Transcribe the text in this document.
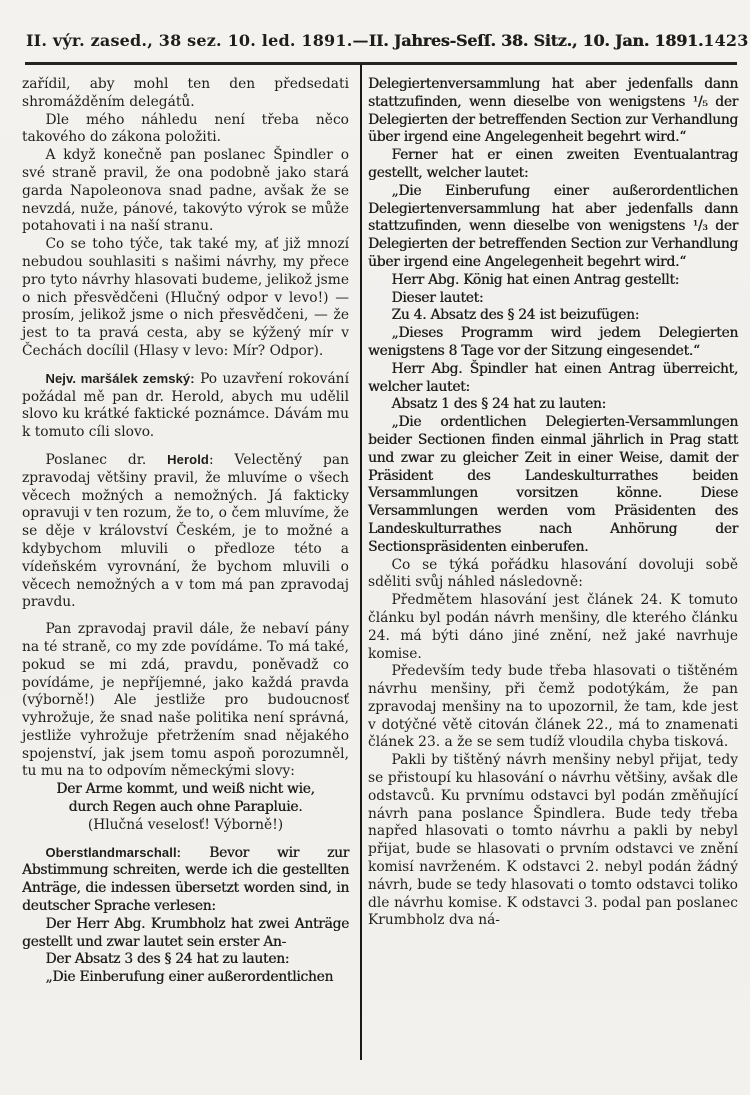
II. výr. zased., 38 sez. 10. led. 1891. — II. Jahres-Seſſ. 38. Sitz., 10. Jan. 1891. 1423

zařídil, aby mohl ten den předsedati shromážděním delegátů.

Dle mého náhledu není třeba něco takového do zákona položiti.

A když konečně pan poslanec Špindler o své straně pravil, že ona podobně jako stará garda Napoleonova snad padne, avšak že se nevzdá, nuže, pánové, takovýto výrok se může potahovati i na naší stranu.

Co se toho týče, tak také my, ať již mnozí nebudou souhlasiti s našimi návrhy, my přece pro tyto návrhy hlasovati budeme, jelikož jsme o nich přesvědčeni (Hlučný odpor v levo!) — prosím, jelikož jsme o nich přesvědčeni, — že jest to ta pravá cesta, aby se kýžený mír v Čechách docílil (Hlasy v levo: Mír? Odpor).

Nejv. maršálek zemský: Po uzavření rokování požádal mě pan dr. Herold, abych mu udělil slovo ku krátké faktické poznámce. Dávám mu k tomuto cíli slovo.

Poslanec dr. Herold: Velectěný pan zpravodaj většiny pravil, že mluvíme o všech věcech možných a nemožných. Já fakticky opravuji v ten rozum, že to, o čem mluvíme, že se děje v království Českém, je to možné a kdybychom mluvili o předloze této a vídeňském vyrovnání, že bychom mluvili o věcech nemožných a v tom má pan zpravodaj pravdu.

Pan zpravodaj pravil dále, že nebaví pány na té straně, co my zde povídáme. To má také, pokud se mi zdá, pravdu, poněvadž co povídáme, je nepříjemné, jako každá pravda (výborně!) Ale jestliže pro budoucnosť vyhrožuje, že snad naše politika není správná, jestliže vyhrožuje přetržením snad nějakého spojenství, jak jsem tomu aspoň porozumněl, tu mu na to odpovím německými slovy:

Der Arme kommt, und weiß nicht wie,

durch Regen auch ohne Parapluie.

(Hlučná veselosť! Výborně!)

Oberstlandmarschall: Bevor wir zur Abstimmung schreiten, werde ich die gestellten Anträge, die indessen übersetzt worden sind, in deutscher Sprache verlesen:

Der Herr Abg. Krumbholz hat zwei Anträge gestellt und zwar lautet sein erster An-

Der Absatz 3 des § 24 hat zu lauten:

„Die Einberufung einer außerordentlichen

Delegiertenversammlung hat aber jedenfalls dann stattzufinden, wenn dieselbe von wenigstens ¹/₅ der Delegierten der betreffenden Section zur Verhandlung über irgend eine Angelegenheit begehrt wird.“

Ferner hat er einen zweiten Eventualantrag gestellt, welcher lautet:

„Die Einberufung einer außerordentlichen Delegiertenversammlung hat aber jedenfalls dann stattzufinden, wenn dieselbe von wenigstens ¹/₃ der Delegierten der betreffenden Section zur Verhandlung über irgend eine Angelegenheit begehrt wird.“

Herr Abg. König hat einen Antrag gestellt:

Dieser lautet:

Zu 4. Absatz des § 24 ist beizufügen:

„Dieses Programm wird jedem Delegierten wenigstens 8 Tage vor der Sitzung eingesendet.“

Herr Abg. Špindler hat einen Antrag überreicht, welcher lautet:

Absatz 1 des § 24 hat zu lauten:

„Die ordentlichen Delegierten-Versammlungen beider Sectionen finden einmal jährlich in Prag statt und zwar zu gleicher Zeit in einer Weise, damit der Präsident des Landeskulturrathes beiden Versammlungen vorsitzen könne. Diese Versammlungen werden vom Präsidenten des Landeskulturrathes nach Anhörung der Sectionspräsidenten einberufen.

Co se týká pořádku hlasování dovoluji sobě sděliti svůj náhled následovně:

Předmětem hlasování jest článek 24. K tomuto článku byl podán návrh menšiny, dle kterého článku 24. má býti dáno jiné znění, než jaké navrhuje komise.

Především tedy bude třeba hlasovati o tištěném návrhu menšiny, při čemž podotýkám, že pan zpravodaj menšiny na to upozornil, že tam, kde jest v dotýčné větě citován článek 22., má to znamenati článek 23. a že se sem tudíž vloudila chyba tisková.

Pakli by tištěný návrh menšiny nebyl přijat, tedy se přistoupí ku hlasování o návrhu většiny, avšak dle odstavců. Ku prvnímu odstavci byl podán změňující návrh pana poslance Špindlera. Bude tedy třeba napřed hlasovati o tomto návrhu a pakli by nebyl přijat, bude se hlasovati o prvním odstavci ve znění komisí navrženém. K odstavci 2. nebyl podán žádný návrh, bude se tedy hlasovati o tomto odstavci toliko dle návrhu komise. K odstavci 3. podal pan poslanec Krumbholz dva ná-
